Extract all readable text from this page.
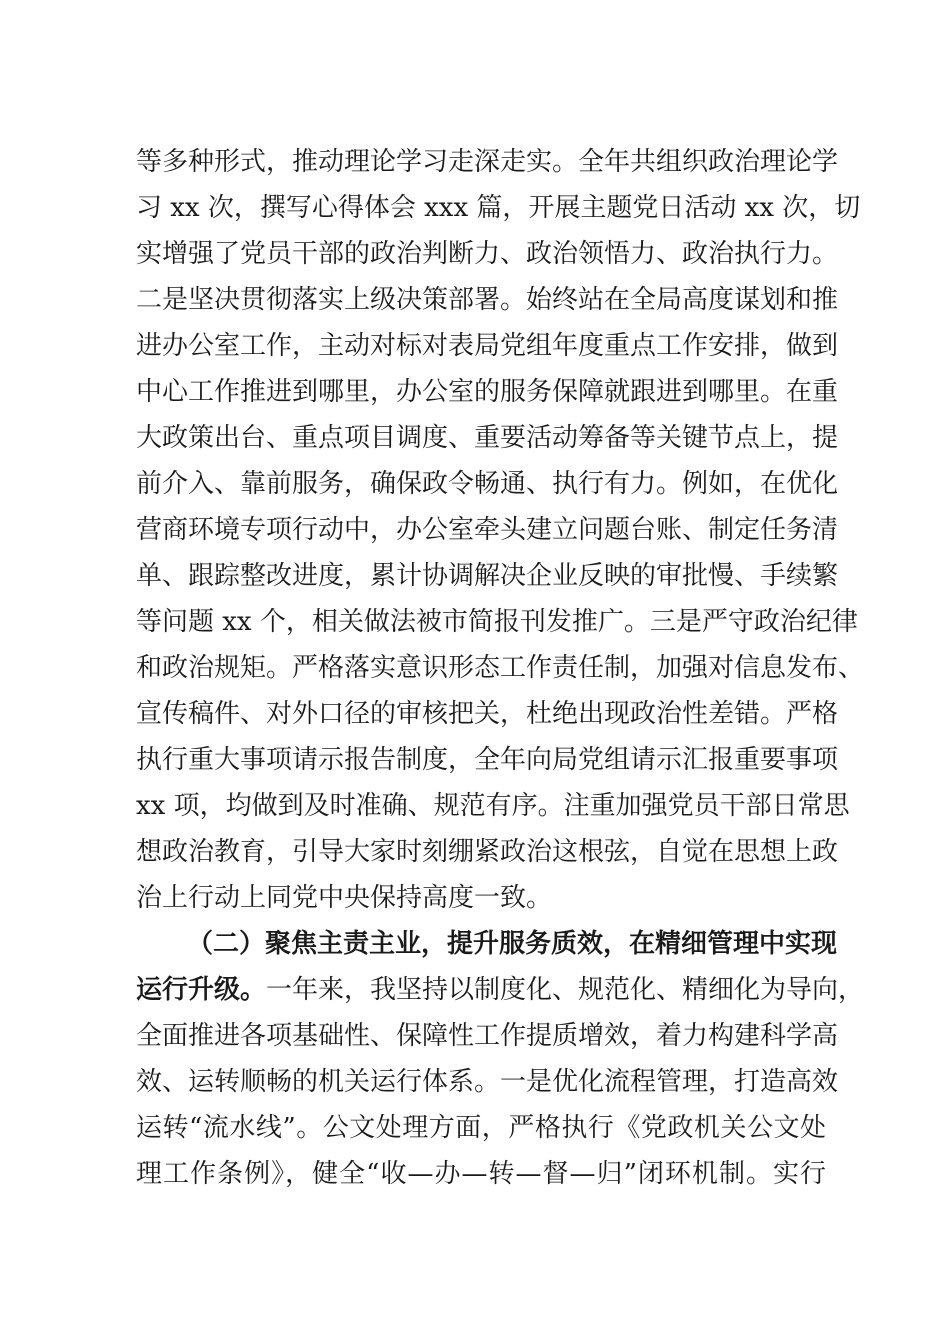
等多种形式，推动理论学习走深走实。全年共组织政治理论学
习 xx 次，撰写心得体会 xxx 篇，开展主题党日活动 xx 次，切
实增强了党员干部的政治判断力、政治领悟力、政治执行力。
二是坚决贯彻落实上级决策部署。始终站在全局高度谋划和推
进办公室工作，主动对标对表局党组年度重点工作安排，做到
中心工作推进到哪里，办公室的服务保障就跟进到哪里。在重
大政策出台、重点项目调度、重要活动筹备等关键节点上，提
前介入、靠前服务，确保政令畅通、执行有力。例如，在优化
营商环境专项行动中，办公室牵头建立问题台账、制定任务清
单、跟踪整改进度，累计协调解决企业反映的审批慢、手续繁
等问题 xx 个，相关做法被市简报刊发推广。三是严守政治纪律
和政治规矩。严格落实意识形态工作责任制，加强对信息发布、
宣传稿件、对外口径的审核把关，杜绝出现政治性差错。严格
执行重大事项请示报告制度，全年向局党组请示汇报重要事项
xx 项，均做到及时准确、规范有序。注重加强党员干部日常思
想政治教育，引导大家时刻绷紧政治这根弦，自觉在思想上政
治上行动上同党中央保持高度一致。
（二）聚焦主责主业，提升服务质效，在精细管理中实现
运行升级。一年来，我坚持以制度化、规范化、精细化为导向，
全面推进各项基础性、保障性工作提质增效，着力构建科学高
效、运转顺畅的机关运行体系。一是优化流程管理，打造高效
运转“流水线”。公文处理方面，严格执行《党政机关公文处
理工作条例》，健全“收—办—转—督—归”闭环机制。实行
